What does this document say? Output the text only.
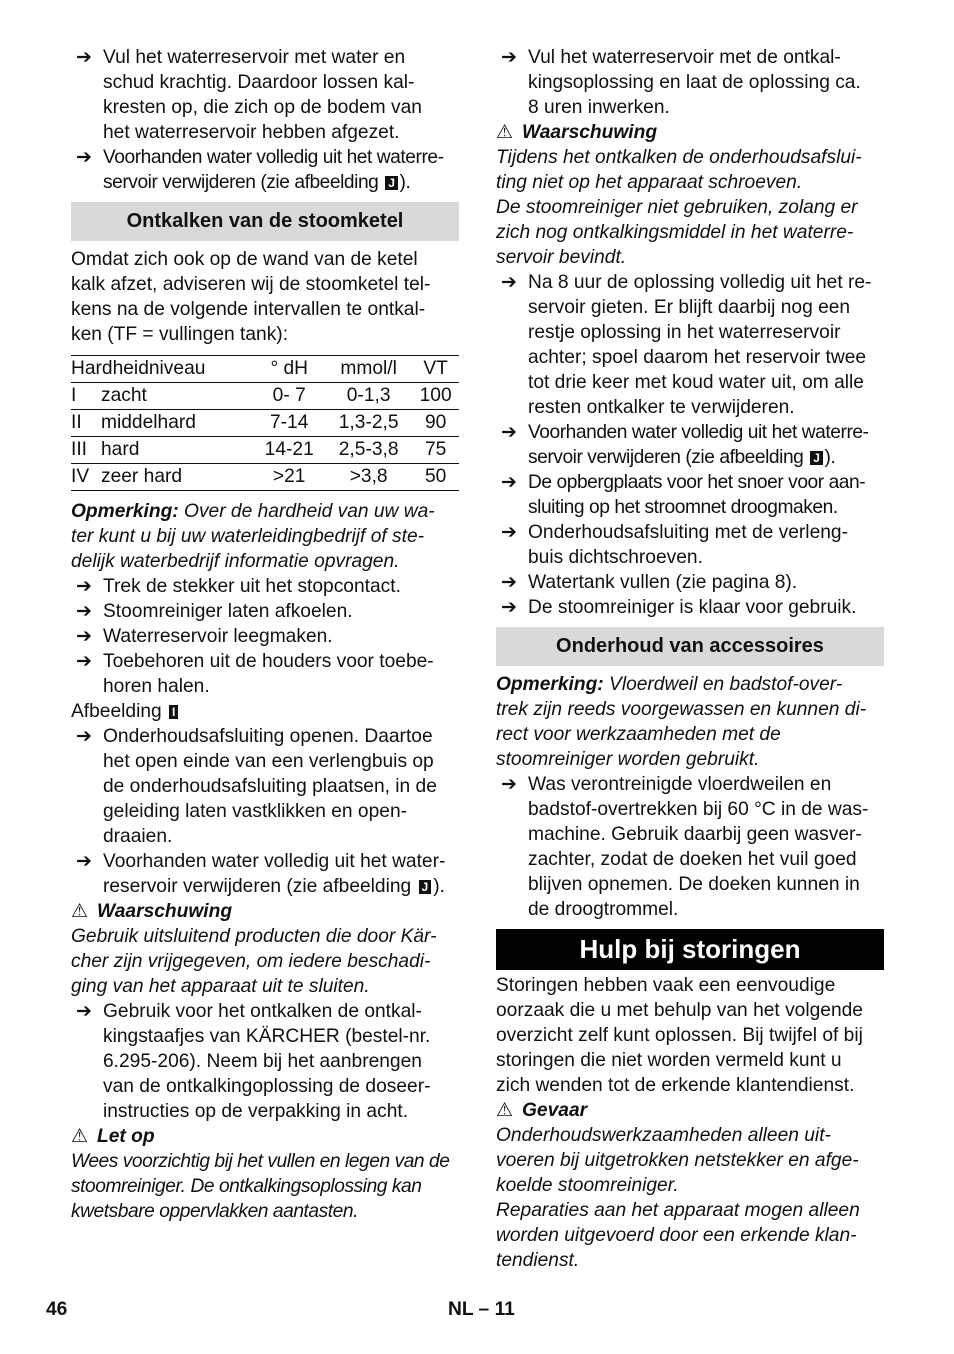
➔ Vul het waterreservoir met water en

schud krachtig. Daardoor lossen kal-

kresten op, die zich op de bodem van

het waterreservoir hebben afgezet.

➔ Voorhanden water volledig uit het waterre-

servoir verwijderen (zie afbeelding J ).

Ontkalken van de stoomketel

Omdat zich ook op de wand van de ketel

kalk afzet, adviseren wij de stoomketel tel-

kens na de volgende intervallen te ontkal-

ken (TF = vullingen tank):

Hardheidniveau		° dH	mmol/l	VT
I	zacht	0- 7	0-1,3	100
II	middelhard	7-14	1,3-2,5	90
III	hard	14-21	2,5-3,8	75
IV	zeer hard	>21	>3,8	50

Opmerking: Over de hardheid van uw wa-
ter kunt u bij uw waterleidingbedrijf of ste-
delijk waterbedrijf informatie opvragen.

➔ Trek de stekker uit het stopcontact.

➔ Stoomreiniger laten afkoelen.

➔ Waterreservoir leegmaken.

➔ Toebehoren uit de houders voor toebe-

horen halen.

Afbeelding I

➔ Onderhoudsafsluiting openen. Daartoe

het open einde van een verlengbuis op

de onderhoudsafsluiting plaatsen, in de

geleiding laten vastklikken en open-

draaien.

➔ Voorhanden water volledig uit het water-

reservoir verwijderen (zie afbeelding J ).

⚠ Waarschuwing

Gebruik uitsluitend producten die door Kär-

cher zijn vrijgegeven, om iedere beschadi-

ging van het apparaat uit te sluiten.

➔ Gebruik voor het ontkalken de ontkal-

kingstaafjes van KÄRCHER (bestel-nr.

6.295-206). Neem bij het aanbrengen

van de ontkalkingoplossing de doseer-

instructies op de verpakking in acht.

⚠ Let op

Wees voorzichtig bij het vullen en legen van de

stoomreiniger. De ontkalkingsoplossing kan

kwetsbare oppervlakken aantasten.

➔ Vul het waterreservoir met de ontkal-

kingsoplossing en laat de oplossing ca.

8 uren inwerken.

⚠ Waarschuwing

Tijdens het ontkalken de onderhoudsafslui-

ting niet op het apparaat schroeven.

De stoomreiniger niet gebruiken, zolang er

zich nog ontkalkingsmiddel in het waterre-

servoir bevindt.

➔ Na 8 uur de oplossing volledig uit het re-

servoir gieten. Er blijft daarbij nog een

restje oplossing in het waterreservoir

achter; spoel daarom het reservoir twee

tot drie keer met koud water uit, om alle

resten ontkalker te verwijderen.

➔ Voorhanden water volledig uit het waterre-

servoir verwijderen (zie afbeelding J ).

➔ De opbergplaats voor het snoer voor aan-

sluiting op het stroomnet droogmaken.

➔ Onderhoudsafsluiting met de verleng-

buis dichtschroeven.

➔ Watertank vullen (zie pagina 8).

➔ De stoomreiniger is klaar voor gebruik.

Onderhoud van accessoires

Opmerking: Vloerdweil en badstof-over-
trek zijn reeds voorgewassen en kunnen di-
rect voor werkzaamheden met de
stoomreiniger worden gebruikt.

➔ Was verontreinigde vloerdweilen en

badstof-overtrekken bij 60 °C in de was-

machine. Gebruik daarbij geen wasver-

zachter, zodat de doeken het vuil goed

blijven opnemen. De doeken kunnen in

de droogtrommel.

Hulp bij storingen

Storingen hebben vaak een eenvoudige

oorzaak die u met behulp van het volgende

overzicht zelf kunt oplossen. Bij twijfel of bij

storingen die niet worden vermeld kunt u

zich wenden tot de erkende klantendienst.

⚠ Gevaar

Onderhoudswerkzaamheden alleen uit-

voeren bij uitgetrokken netstekker en afge-

koelde stoomreiniger.

Reparaties aan het apparaat mogen alleen

worden uitgevoerd door een erkende klan-

tendienst.

46	NL – 11
